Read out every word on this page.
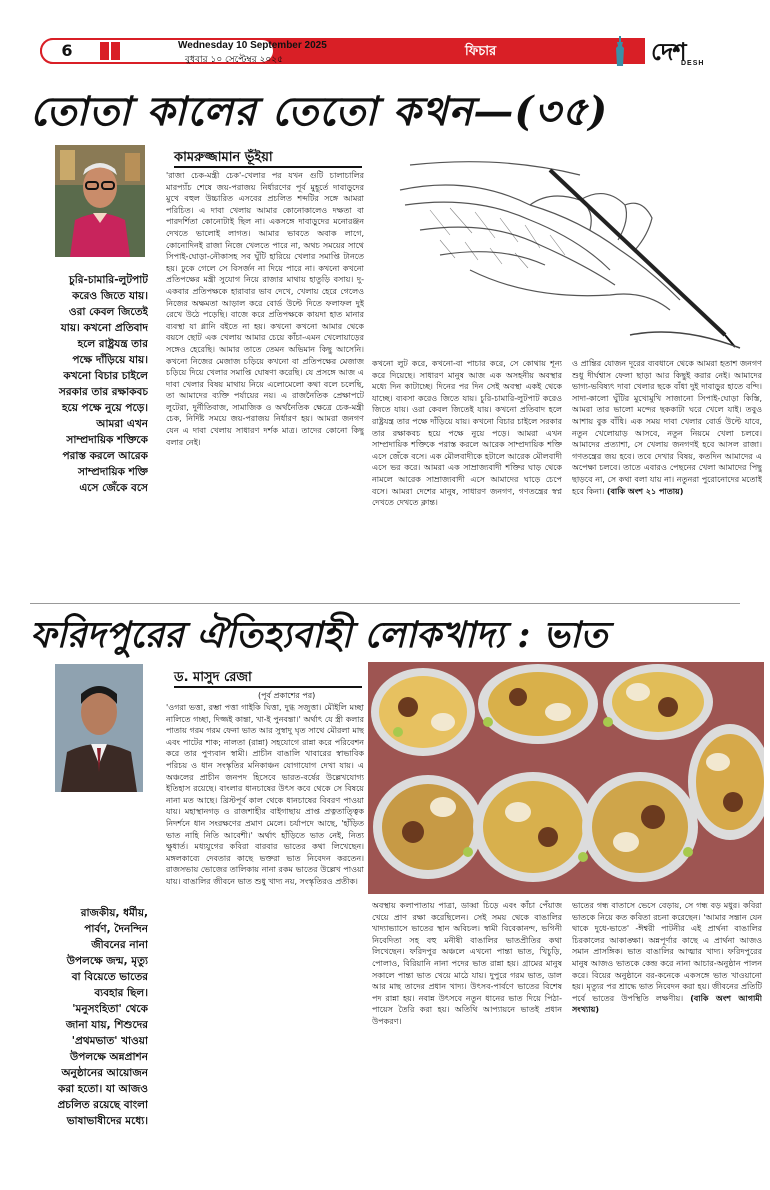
6	Wednesday 10 September 2025
বুধবার ১০ সেপ্টেম্বর ২০২৫
ফিচার	দেশ
DESH
তোতা কালের তেতো কথন—(৩৫)
কামরুজ্জামান ভূঁইয়া
চুরি-চামারি-লুটপাট করেও জিতে যায়। ওরা কেবল জিতেই যায়। কখনো প্রতিবাদ হলে রাষ্ট্রযন্ত্র তার পক্ষে দাঁড়িয়ে যায়। কখনো বিচার চাইলে সরকার তার রক্ষাকবচ হয়ে পক্ষে নুয়ে পড়ে। আমরা এখন সাম্প্রদায়িক শক্তিকে পরাস্ত করলে আরেক সাম্প্রদায়িক শক্তি এসে জেঁকে বসে
'রাজা চেক-মন্ত্রী চেক'-খেলার পর যখন গুটি চালাচালির মারপ্যাঁচ শেষে জয়-পরাজয় নির্ধারণের পূর্ব মুহূর্তে দাবাড়ুদের মুখে বহুল উচ্চারিত এসবের প্রচলিত শব্দটির সঙ্গে আমরা পরিচিত। এ দাবা খেলায় আমার কোনোকালেও দক্ষতা বা পারদর্শিতা কোনোটাই ছিল না। একসঙ্গে দাবাড়ুদের মনোরঞ্জন দেখতে ভালোই লাগত। আমার ভাবতে অবাক লাগে, কোনোদিনই রাজা নিজে খেলতে পারে না, অথচ সময়ের সাথে সিপাই-ঘোড়া-নৌকাসহ সব ঘুঁটি হারিয়ে খেলার সমাপ্তি টানতে হয়। ঢুকে গেলে সে বিসর্জন না দিয়ে পারে না। কখনো কখনো প্রতিপক্ষের মন্ত্রী সুযোগ নিয়ে রাজার মাথায় হাতুড়ি বসায়। দু-একবার প্রতিপক্ষকে হারাবার ভাব দেখে, খেলায় হেরে গেলেও নিজের অক্ষমতা আড়াল করে বোর্ড উল্টে দিতে ফলাফল দুই রেখে উঠে পড়েছি। বাজে করে প্রতিপক্ষকে কায়দা হাত মানার ব্যবস্থা যা গ্লানি বইতে না হয়। কখনো কখনো আমার থেকে বয়সে ছোট এক খেলায় আমার চেয়ে কাঁচা-এমন খেলোয়াড়ের সঙ্গেও হেরেছি। আমার তাতে তেমন অভিমান কিছু আসেনি। কখনো নিজের মেজাজ চড়িয়ে কখনো বা প্রতিপক্ষের মেজাজ চড়িয়ে দিয়ে খেলার সমাপ্তি ঘোষণা করেছি। যে প্রসঙ্গে আজ এ দাবা খেলার বিষয় মাথায় নিয়ে এলোমেলো কথা বলে চলেছি, তা আমাদের ব্যক্তি পর্যায়ের নয়। এ রাজনৈতিক প্রেক্ষাপটে লুটেরা, দুর্নীতিবাজ, সামাজিক ও অর্থনৈতিক ক্ষেত্রে চেক-মন্ত্রী চেক, নির্দিষ্ট সময়ে জয়-পরাজয় নির্ধারণ হয়। আমরা জনগণ যেন এ দাবা খেলায় সাধারণ দর্শক মাত্র। তাদের কোনো কিছু বলার নেই।
কখনো লুট করে, কখনো-বা পাচার করে, সে কোথায় শূন্য করে দিয়েছে। সাধারণ মানুষ আজ এক অসহনীয় অবস্থার মধ্যে দিন কাটাচ্ছে। দিনের পর দিন সেই অবস্থা একই থেকে যাচ্ছে। ব্যবসা করেও জিতে যায়। চুরি-চামারি-লুটপাট করেও জিতে যায়। ওরা কেবল জিতেই যায়। কখনো প্রতিবাদ হলে রাষ্ট্রযন্ত্র তার পক্ষে দাঁড়িয়ে যায়। কখনো বিচার চাইলে সরকার তার রক্ষাকবচ হয়ে পক্ষে নুয়ে পড়ে। আমরা এখন সাম্প্রদায়িক শক্তিকে পরাস্ত করলে আরেক সাম্প্রদায়িক শক্তি এসে জেঁকে বসে। এক মৌলবাদীকে হটালে আরেক মৌলবাদী এসে ভর করে। আমরা এক সাম্রাজ্যবাদী শক্তির ঘাড় থেকে নামলে আরেক সাম্রাজ্যবাদী এসে আমাদের ঘাড়ে চেপে বসে। আমরা দেশের মানুষ, সাধারণ জনগণ, গণতন্ত্রের স্বপ্ন দেখতে দেখতে ক্লান্ত।
ও প্রান্তির যোজন দূরের ব্যবধানে থেকে আমরা হতাশ জনগণ শুধু দীর্ঘশ্বাস ফেলা ছাড়া আর কিছুই করার নেই। আমাদের ভাগ্য-ভবিষ্যৎ দাবা খেলার ছকে বাঁধা দুই দাবাড়ুর হাতে বন্দি। সাদা-কালো ঘুঁটির মুখোমুখি সাজানো সিপাই-ঘোড়া কিস্তি, আমরা তার ভালো মন্দের ছককাটা ঘরে খেলে যাই। তবুও আশায় বুক বাঁধি। এক সময় দাবা খেলার বোর্ড উল্টে যাবে, নতুন খেলোয়াড় আসবে, নতুন নিয়মে খেলা চলবে। আমাদের প্রত্যাশা, সে খেলায় জনগণই হবে আসল রাজা। গণতন্ত্রের জয় হবে। তবে দেখার বিষয়, কতদিন আমাদের এ অপেক্ষা চলবে। তাতে এবারও পেছনের খেলা আমাদের পিছু ছাড়বে না, সে কথা বলা যায় না। নতুনরা পুরোনোদের মতোই হবে কিনা। (বাকি অংশ ২১ পাতায়)
ফরিদপুরের ঐতিহ্যবাহী লোকখাদ্য : ভাত
ড. মাসুদ রেজা
(পূর্ব প্রকাশের পর)
রাজকীয়, ধর্মীয়, পার্বণ, দৈনন্দিন জীবনের নানা উপলক্ষে জন্ম, মৃত্যু বা বিয়েতে ভাতের ব্যবহার ছিল। 'মনুসংহিতা' থেকে জানা যায়, শিশুদের 'প্রথমভাত' খাওয়া উপলক্ষে অন্নপ্রাশন অনুষ্ঠানের আয়োজন করা হতো। যা আজও প্রচলিত রয়েছে বাংলা ভাষাভাষীদের মধ্যে।
'ওগরা ভত্তা, রম্ভা পত্তা গাইকি ঘিত্তা, দুগ্ধ সজুত্তা। মৌইলি মচ্ছা নালিতে গচ্ছা, দিজ্জই কান্তা, খা-ই পুনবন্তা।' অর্থাৎ যে স্ত্রী কলার পাতায় গরম গরম ফেনা ভাত আর সুস্বাদু ঘৃত সাথে মৌরলা মাছ এবং পাটের শাক; নালতা (রান্না) সহযোগে রান্না করে পরিবেশন করে তার পুণ্যবান স্বামী। প্রাচীন বাঙালি খাবারের স্বাভাবিক পরিচয় ও ধান সংস্কৃতির মনিকাঞ্চন যোগাযোগ দেখা যায়। এ অঞ্চলের প্রাচীন জনপদ হিসেবে ভারত-বর্ষের উল্লেখযোগ্য ইতিহাস রয়েছে। বাংলার ধানচাষের উৎস কবে থেকে সে বিষয়ে নানা মত আছে। খ্রিস্টপূর্ব কাল থেকে ধানচাষের বিবরণ পাওয়া যায়। মহাস্থানগড় ও রাজশাহীর বাইগাছায় প্রাপ্ত প্রত্নতাত্ত্বিক নিদর্শনে ধান সংরক্ষণের প্রমাণ মেলে। চর্যাপদে আছে, 'হাঁড়িত ভাত নাহি নিতি আবেশী।' অর্থাৎ হাঁড়িতে ভাত নেই, নিত্য ক্ষুধার্ত। মধ্যযুগের কবিরা বারবার ভাতের কথা লিখেছেন। মঙ্গলকাব্যে দেবতার কাছে ভক্তরা ভাত নিবেদন করতেন। রাজসভায় ভোজের তালিকায় নানা রকম ভাতের উল্লেখ পাওয়া যায়। বাঙালির জীবনে ভাত শুধু খাদ্য নয়, সংস্কৃতিরও প্রতীক।
অবস্থায় কলাপাতায় পাত্রা, ডাব্বা চিড়ে এবং কাঁচা পেঁয়াজ খেয়ে প্রাণ রক্ষা করেছিলেন। সেই সময় থেকে বাঙালির খাদ্যাভ্যাসে ভাতের স্থান অবিচল। স্বামী বিবেকানন্দ, ভগিনী নিবেদিতা সহ বহু মনীষী বাঙালির ভাতপ্রীতির কথা লিখেছেন। ফরিদপুর অঞ্চলে এখনো পান্তা ভাত, খিচুড়ি, পোলাও, বিরিয়ানি নানা পদের ভাত রান্না হয়। গ্রামের মানুষ সকালে পান্তা ভাত খেয়ে মাঠে যায়। দুপুরে গরম ভাত, ডাল আর মাছ তাদের প্রধান খাদ্য। উৎসব-পার্বণে ভাতের বিশেষ পদ রান্না হয়। নবান্ন উৎসবে নতুন ধানের ভাত দিয়ে পিঠা-পায়েস তৈরি করা হয়। অতিথি আপ্যায়নে ভাতই প্রধান উপকরণ।
ভাতের গন্ধ বাতাসে ভেসে বেড়ায়, সে গন্ধ বড় মধুর। কবিরা ভাতকে নিয়ে কত কবিতা রচনা করেছেন। 'আমার সন্তান যেন থাকে দুধে-ভাতে' -ঈশ্বরী পাটনীর এই প্রার্থনা বাঙালির চিরকালের আকাঙ্ক্ষা। অন্নপূর্ণার কাছে এ প্রার্থনা আজও সমান প্রাসঙ্গিক। ভাত বাঙালির আত্মার খাদ্য। ফরিদপুরের মানুষ আজও ভাতকে কেন্দ্র করে নানা আচার-অনুষ্ঠান পালন করে। বিয়ের অনুষ্ঠানে বর-কনেকে একসঙ্গে ভাত খাওয়ানো হয়। মৃত্যুর পর শ্রাদ্ধে ভাত নিবেদন করা হয়। জীবনের প্রতিটি পর্বে ভাতের উপস্থিতি লক্ষণীয়। (বাকি অংশ আগামী সংখ্যায়)
